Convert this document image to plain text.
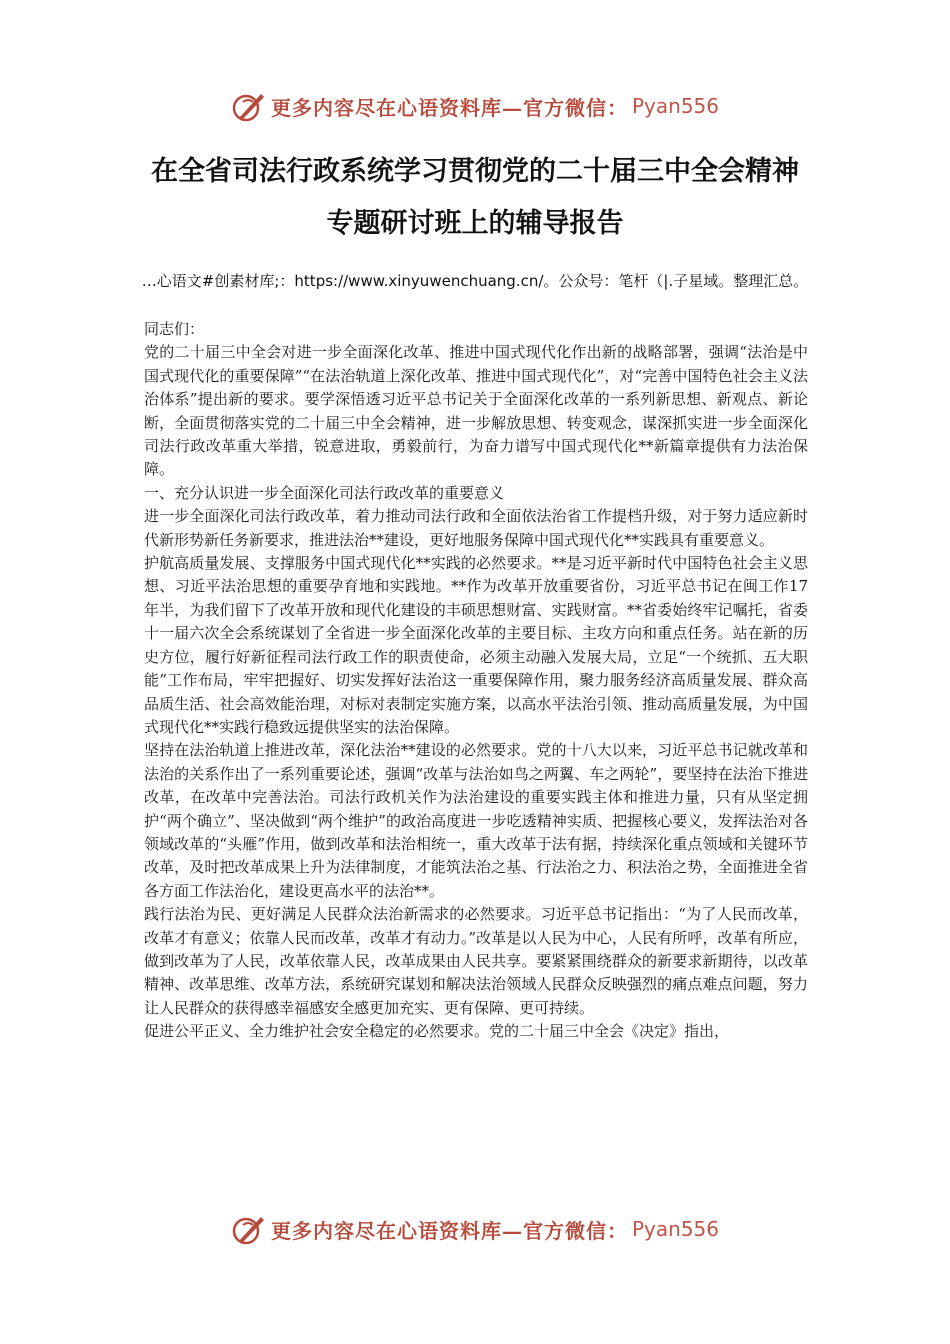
更多内容尽在心语资料库—官方微信： Pyan556
在全省司法行政系统学习贯彻党的二十届三中全会精神专题研讨班上的辅导报告
…心语文#创素材库;：https://www.xinyuwenchuang.cn/。公众号：笔杆（|.子星域。整理汇总。

同志们：

党的二十届三中全会对进一步全面深化改革、推进中国式现代化作出新的战略部署，强调“法治是中国式现代化的重要保障”“在法治轨道上深化改革、推进中国式现代化”，对“完善中国特色社会主义法治体系”提出新的要求。要学深悟透习近平总书记关于全面深化改革的一系列新思想、新观点、新论断，全面贯彻落实党的二十届三中全会精神，进一步解放思想、转变观念，谋深抓实进一步全面深化司法行政改革重大举措，锐意进取，勇毅前行，为奋力谱写中国式现代化**新篇章提供有力法治保障。

一、充分认识进一步全面深化司法行政改革的重要意义

进一步全面深化司法行政改革，着力推动司法行政和全面依法治省工作提档升级，对于努力适应新时代新形势新任务新要求，推进法治**建设，更好地服务保障中国式现代化**实践具有重要意义。

护航高质量发展、支撑服务中国式现代化**实践的必然要求。**是习近平新时代中国特色社会主义思想、习近平法治思想的重要孕育地和实践地。**作为改革开放重要省份，习近平总书记在闽工作17年半，为我们留下了改革开放和现代化建设的丰硕思想财富、实践财富。**省委始终牢记嘱托，省委十一届六次全会系统谋划了全省进一步全面深化改革的主要目标、主攻方向和重点任务。站在新的历史方位，履行好新征程司法行政工作的职责使命，必须主动融入发展大局，立足“一个统抓、五大职能”工作布局，牢牢把握好、切实发挥好法治这一重要保障作用，聚力服务经济高质量发展、群众高品质生活、社会高效能治理，对标对表制定实施方案，以高水平法治引领、推动高质量发展，为中国式现代化**实践行稳致远提供坚实的法治保障。

坚持在法治轨道上推进改革，深化法治**建设的必然要求。党的十八大以来，习近平总书记就改革和法治的关系作出了一系列重要论述，强调“改革与法治如鸟之两翼、车之两轮”，要坚持在法治下推进改革，在改革中完善法治。司法行政机关作为法治建设的重要实践主体和推进力量，只有从坚定拥护“两个确立”、坚决做到“两个维护”的政治高度进一步吃透精神实质、把握核心要义，发挥法治对各领域改革的“头雁”作用，做到改革和法治相统一，重大改革于法有据，持续深化重点领域和关键环节改革，及时把改革成果上升为法律制度，才能筑法治之基、行法治之力、积法治之势，全面推进全省各方面工作法治化，建设更高水平的法治**。

践行法治为民、更好满足人民群众法治新需求的必然要求。习近平总书记指出：“为了人民而改革，改革才有意义；依靠人民而改革，改革才有动力。”改革是以人民为中心，人民有所呼，改革有所应，做到改革为了人民，改革依靠人民，改革成果由人民共享。要紧紧围绕群众的新要求新期待，以改革精神、改革思维、改革方法，系统研究谋划和解决法治领域人民群众反映强烈的痛点难点问题，努力让人民群众的获得感幸福感安全感更加充实、更有保障、更可持续。

促进公平正义、全力维护社会安全稳定的必然要求。党的二十届三中全会《决定》指出，

更多内容尽在心语资料库—官方微信： Pyan556
